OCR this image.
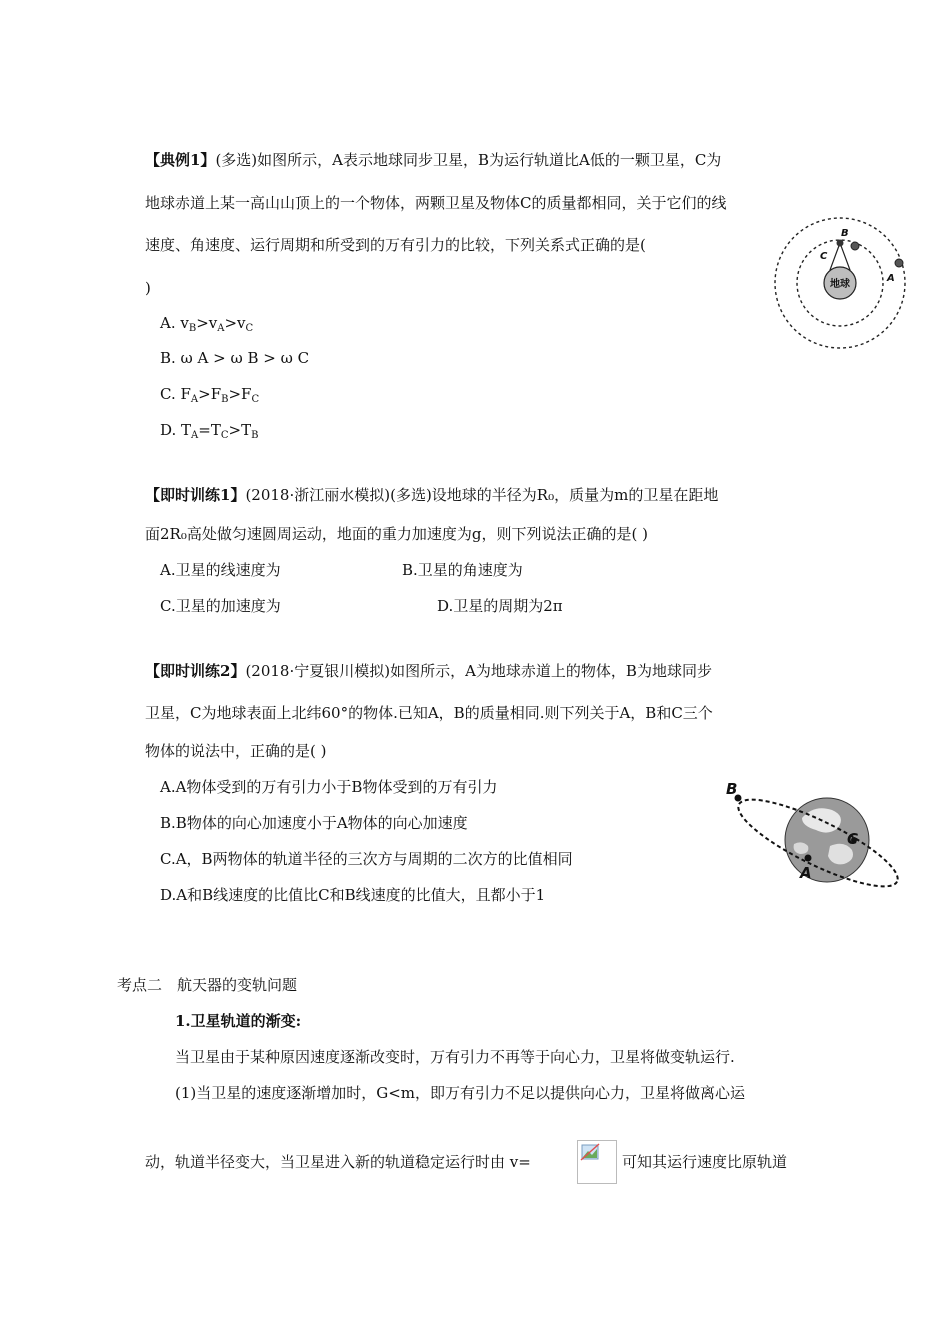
【典例1】(多选)如图所示，A表示地球同步卫星，B为运行轨道比A低的一颗卫星，C为
地球赤道上某一高山山顶上的一个物体，两颗卫星及物体C的质量都相同，关于它们的线
速度、角速度、运行周期和所受到的万有引力的比较，下列关系式正确的是(
)
A. $v_B>v_A>v_C$
B. ω A > ω B > ω C
C. $F_A>F_B>F_C$
D. $T_A=T_C>T_B$
地球
B
C
A
【即时训练1】(2018·浙江丽水模拟)(多选)设地球的半径为R₀，质量为m的卫星在距地
面2R₀高处做匀速圆周运动，地面的重力加速度为g，则下列说法正确的是( )
A.卫星的线速度为	B.卫星的角速度为
C.卫星的加速度为	D.卫星的周期为2π
【即时训练2】(2018·宁夏银川模拟)如图所示，A为地球赤道上的物体，B为地球同步
卫星，C为地球表面上北纬60°的物体.已知A，B的质量相同.则下列关于A，B和C三个
物体的说法中，正确的是( )
A.A物体受到的万有引力小于B物体受到的万有引力
B.B物体的向心加速度小于A物体的向心加速度
C.A，B两物体的轨道半径的三次方与周期的二次方的比值相同
D.A和B线速度的比值比C和B线速度的比值大，且都小于1
B
C
A
考点二　航天器的变轨问题
1.卫星轨道的渐变:
当卫星由于某种原因速度逐渐改变时，万有引力不再等于向心力，卫星将做变轨运行.
(1)当卫星的速度逐渐增加时，G<m，即万有引力不足以提供向心力，卫星将做离心运
动，轨道半径变大，当卫星进入新的轨道稳定运行时由 v=	可知其运行速度比原轨道
